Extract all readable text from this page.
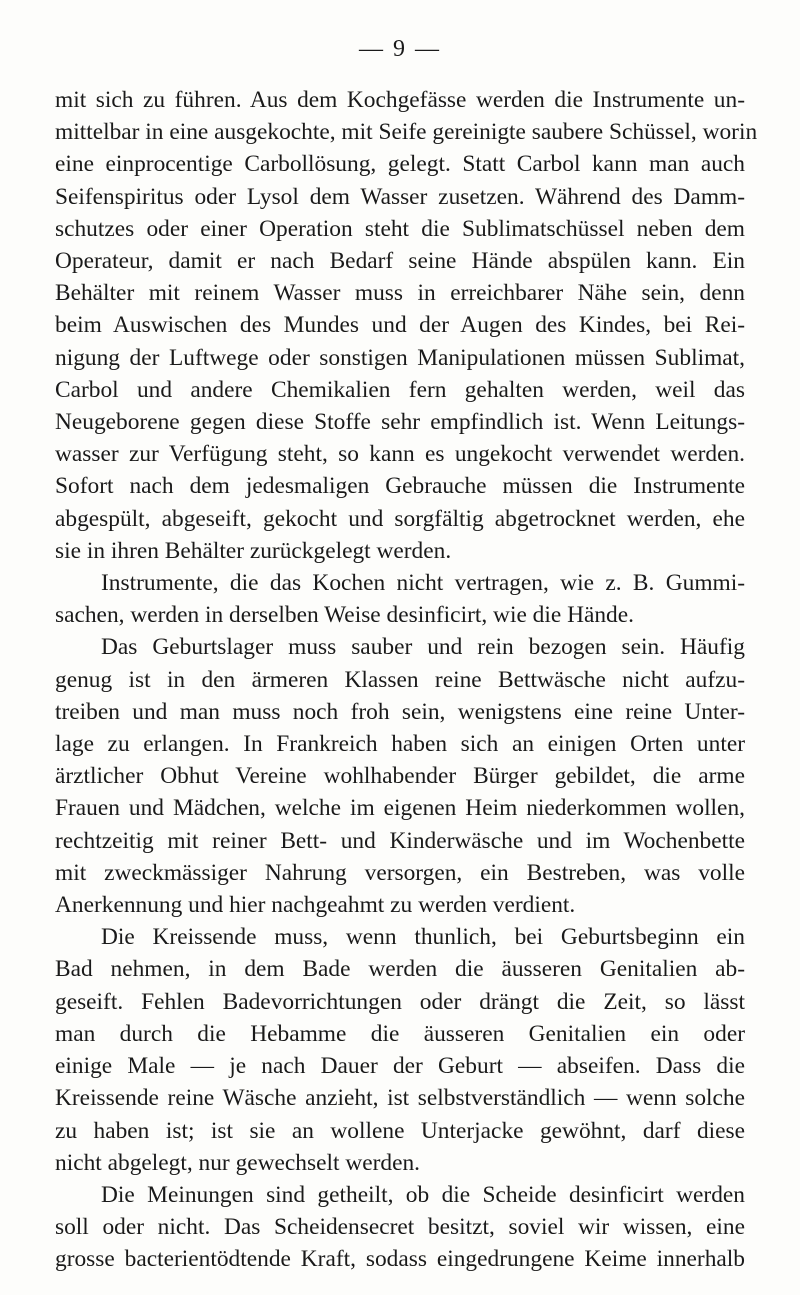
— 9 —
mit sich zu führen. Aus dem Kochgefässe werden die Instrumente un-
mittelbar in eine ausgekochte, mit Seife gereinigte saubere Schüssel, worin
eine einprocentige Carbollösung, gelegt. Statt Carbol kann man auch
Seifenspiritus oder Lysol dem Wasser zusetzen. Während des Damm-
schutzes oder einer Operation steht die Sublimatschüssel neben dem
Operateur, damit er nach Bedarf seine Hände abspülen kann. Ein
Behälter mit reinem Wasser muss in erreichbarer Nähe sein, denn
beim Auswischen des Mundes und der Augen des Kindes, bei Rei-
nigung der Luftwege oder sonstigen Manipulationen müssen Sublimat,
Carbol und andere Chemikalien fern gehalten werden, weil das
Neugeborene gegen diese Stoffe sehr empfindlich ist. Wenn Leitungs-
wasser zur Verfügung steht, so kann es ungekocht verwendet werden.
Sofort nach dem jedesmaligen Gebrauche müssen die Instrumente
abgespült, abgeseift, gekocht und sorgfältig abgetrocknet werden, ehe
sie in ihren Behälter zurückgelegt werden.
Instrumente, die das Kochen nicht vertragen, wie z. B. Gummi-
sachen, werden in derselben Weise desinficirt, wie die Hände.
Das Geburtslager muss sauber und rein bezogen sein. Häufig
genug ist in den ärmeren Klassen reine Bettwäsche nicht aufzu-
treiben und man muss noch froh sein, wenigstens eine reine Unter-
lage zu erlangen. In Frankreich haben sich an einigen Orten unter
ärztlicher Obhut Vereine wohlhabender Bürger gebildet, die arme
Frauen und Mädchen, welche im eigenen Heim niederkommen wollen,
rechtzeitig mit reiner Bett- und Kinderwäsche und im Wochenbette
mit zweckmässiger Nahrung versorgen, ein Bestreben, was volle
Anerkennung und hier nachgeahmt zu werden verdient.
Die Kreissende muss, wenn thunlich, bei Geburtsbeginn ein
Bad nehmen, in dem Bade werden die äusseren Genitalien ab-
geseift. Fehlen Badevorrichtungen oder drängt die Zeit, so lässt
man durch die Hebamme die äusseren Genitalien ein oder
einige Male — je nach Dauer der Geburt — abseifen. Dass die
Kreissende reine Wäsche anzieht, ist selbstverständlich — wenn solche
zu haben ist; ist sie an wollene Unterjacke gewöhnt, darf diese
nicht abgelegt, nur gewechselt werden.
Die Meinungen sind getheilt, ob die Scheide desinficirt werden
soll oder nicht. Das Scheidensecret besitzt, soviel wir wissen, eine
grosse bacterientödtende Kraft, sodass eingedrungene Keime innerhalb
